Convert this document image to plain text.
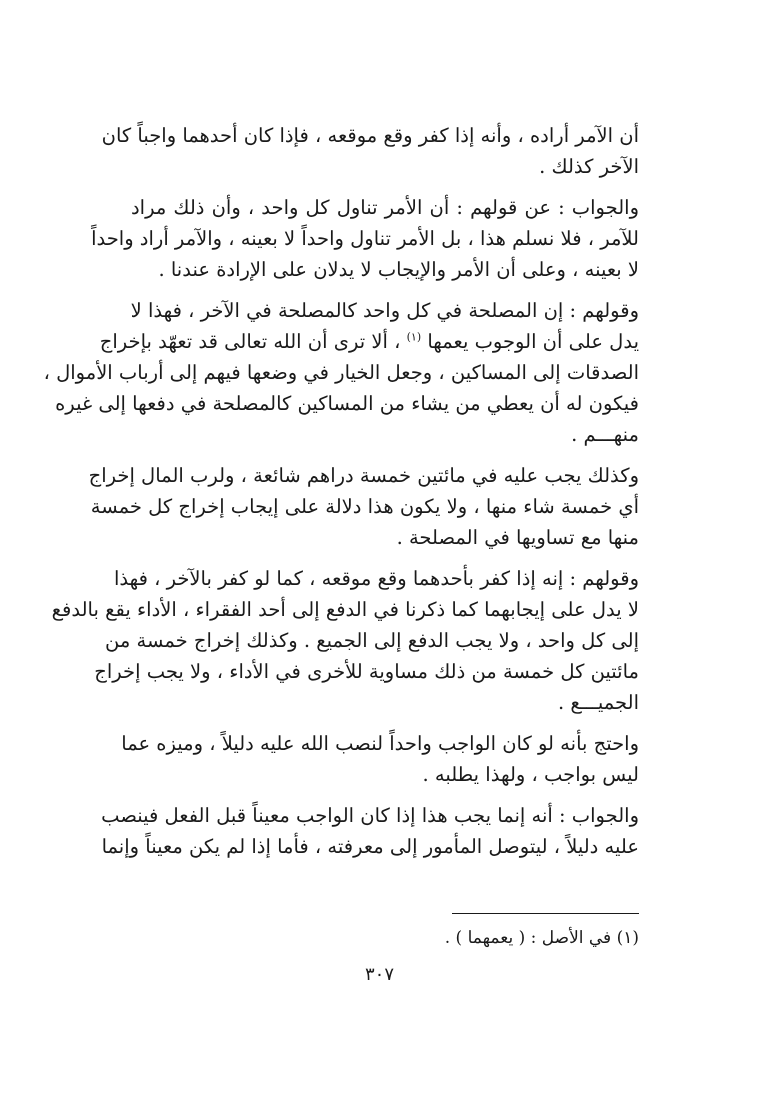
أن الآمر أراده ، وأنه إذا كفر وقع موقعه ، فإذا كان أحدهما واجباً كان
الآخر كذلك .

والجواب : عن قولهم : أن الأمر تناول كل واحد ، وأن ذلك مراد
للآمر ، فلا نسلم هذا ، بل الأمر تناول واحداً لا بعينه ، والآمر أراد واحداً
لا بعينه ، وعلى أن الأمر والإيجاب لا يدلان على الإرادة عندنا .

وقولهم : إن المصلحة في كل واحد كالمصلحة في الآخر ، فهذا لا
يدل على أن الوجوب يعمها $^{(١)}$ ، ألا ترى أن الله تعالى قد تعهّد بإخراج
الصدقات إلى المساكين ، وجعل الخيار في وضعها فيهم إلى أرباب الأموال ،
فيكون له أن يعطي من يشاء من المساكين كالمصلحة في دفعها إلى غيره
منهـــم .

وكذلك يجب عليه في مائتين خمسة دراهم شائعة ، ولرب المال إخراج
أي خمسة شاء منها ، ولا يكون هذا دلالة على إيجاب إخراج كل خمسة
منها مع تساويها في المصلحة .

وقولهم : إنه إذا كفر بأحدهما وقع موقعه ، كما لو كفر بالآخر ، فهذا
لا يدل على إيجابهما كما ذكرنا في الدفع إلى أحد الفقراء ، الأداء يقع بالدفع
إلى كل واحد ، ولا يجب الدفع إلى الجميع . وكذلك إخراج خمسة من
مائتين كل خمسة من ذلك مساوية للأخرى في الأداء ، ولا يجب إخراج
الجميـــع .

واحتج بأنه لو كان الواجب واحداً لنصب الله عليه دليلاً ، وميزه عما
ليس بواجب ، ولهذا يطلبه .

والجواب : أنه إنما يجب هذا إذا كان الواجب معيناً قبل الفعل فينصب
عليه دليلاً ، ليتوصل المأمور إلى معرفته ، فأما إذا لم يكن معيناً وإنما

(١) في الأصل : ( يعمهما ) .
٣٠٧
